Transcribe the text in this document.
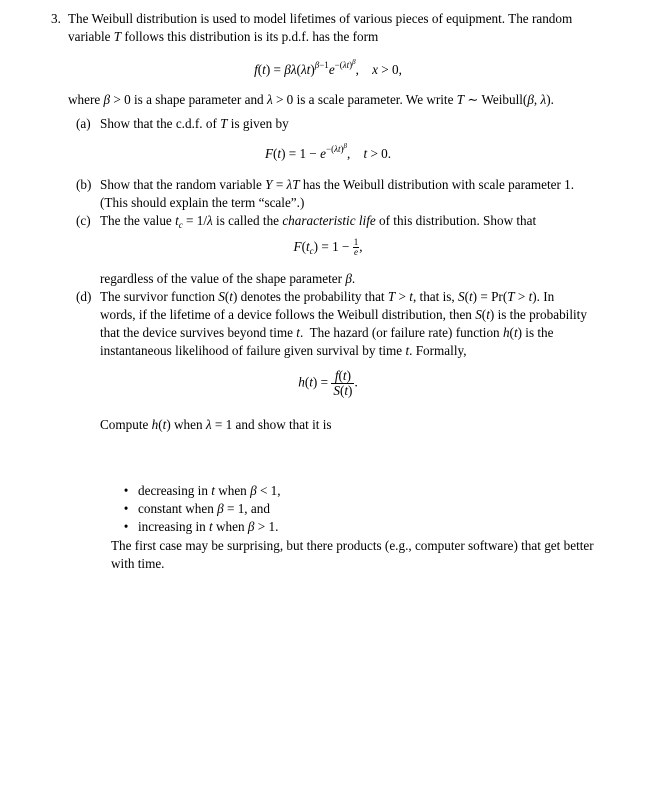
3. The Weibull distribution is used to model lifetimes of various pieces of equipment. The random
variable T follows this distribution is its p.d.f. has the form
$f(t) = \beta\lambda(\lambda t)^{\beta-1}e^{-(\lambda t)^\beta}$,    x > 0,
where β > 0 is a shape parameter and λ > 0 is a scale parameter. We write T ∼ Weibull(β, λ).
(a) Show that the c.d.f. of T is given by
$F(t) = 1 - e^{-(\lambda t)^\beta}$,    t > 0.
(b) Show that the random variable Y = λT has the Weibull distribution with scale parameter 1.
(This should explain the term “scale”.)
(c) The the value $t_c = 1/\lambda$ is called the characteristic life of this distribution. Show that
$F(t_c) = 1 - \frac{1}{e}$ ,
regardless of the value of the shape parameter β.
(d) The survivor function S(t) denotes the probability that T > t, that is, S(t) = Pr(T > t). In
words, if the lifetime of a device follows the Weibull distribution, then S(t) is the probability
that the device survives beyond time t.  The hazard (or failure rate) function h(t) is the
instantaneous likelihood of failure given survival by time t. Formally,
$h(t) = \frac{f(t)}{S(t)}$ .
Compute h(t) when λ = 1 and show that it is
• decreasing in t when β < 1,
• constant when β = 1, and
• increasing in t when β > 1.
The first case may be surprising, but there products (e.g., computer software) that get better
with time.
